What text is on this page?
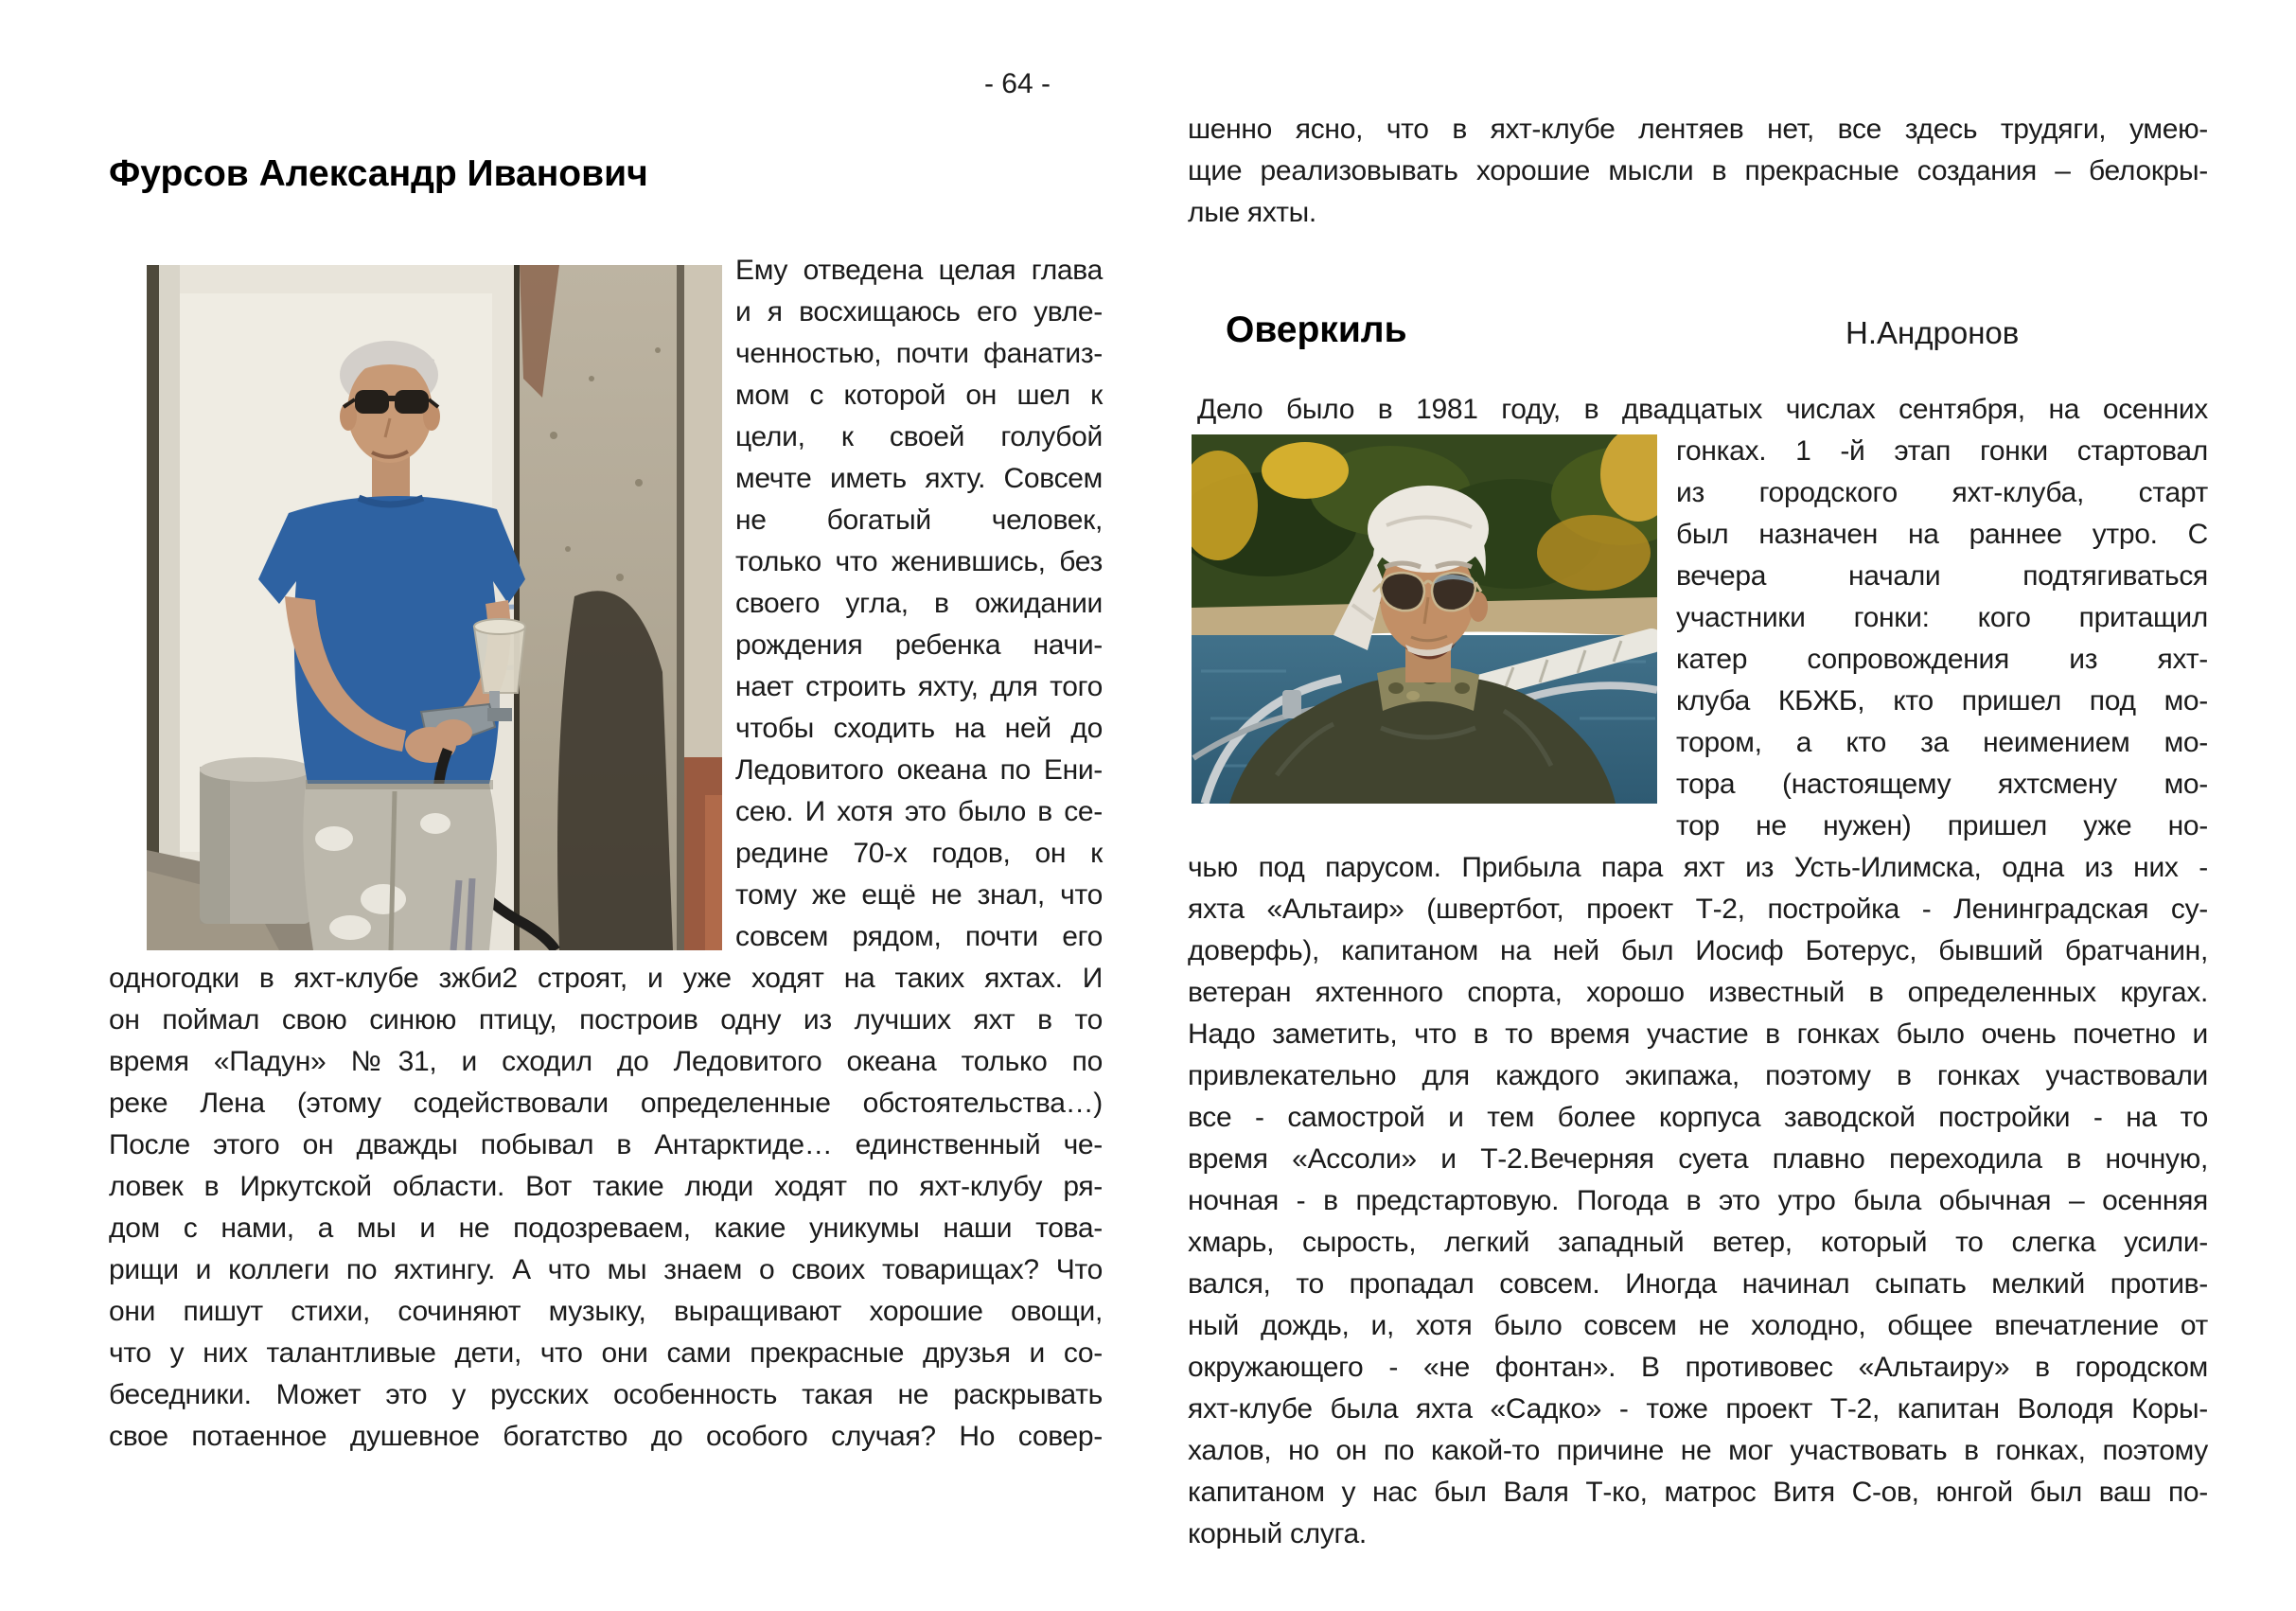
- 64 -
Фурсов Александр Иванович
Ему отведена целая глава
и я восхищаюсь его увле-
ченностью, почти фанатиз-
мом с которой он шел к
цели, к своей голубой
мечте иметь яхту. Совсем
не богатый человек,
только что женившись, без
своего угла, в ожидании
рождения ребенка начи-
нает строить яхту, для того
чтобы сходить на ней до
Ледовитого океана по Ени-
сею. И хотя это было в се-
редине 70-х годов, он к
тому же ещё не знал, что
совсем рядом, почти его
одногодки в яхт-клубе зжби2 строят, и уже ходят на таких яхтах. И
он поймал свою синюю птицу, построив одну из лучших яхт в то
время «Падун» №31, и сходил до Ледовитого океана только по
реке Лена (этому содействовали определенные обстоятельства…)
После этого он дважды побывал в Антарктиде… единственный че-
ловек в Иркутской области. Вот такие люди ходят по яхт-клубу ря-
дом с нами, а мы и не подозреваем, какие уникумы наши това-
рищи и коллеги по яхтингу. А что мы знаем о своих товарищах? Что
они пишут стихи, сочиняют музыку, выращивают хорошие овощи,
что у них талантливые дети, что они сами прекрасные друзья и со-
беседники. Может это у русских особенность такая не раскрывать
свое потаенное душевное богатство до особого случая? Но совер-
шенно ясно, что в яхт-клубе лентяев нет, все здесь трудяги, умею-
щие реализовывать хорошие мысли в прекрасные создания – белокры-
лые яхты.
Оверкиль	Н.Андронов
Дело было в 1981 году, в двадцатых числах сентября, на осенних
гонках. 1 -й этап гонки стартовал
из городского яхт-клуба, старт
был назначен на раннее утро. С
вечера начали подтягиваться
участники гонки: кого притащил
катер сопровождения из яхт-
клуба КБЖБ, кто пришел под мо-
тором, а кто за неимением мо-
тора (настоящему яхтсмену мо-
тор не нужен) пришел уже но-
чью под парусом. Прибыла пара яхт из Усть-Илимска, одна из них -
яхта «Альтаир» (швертбот, проект Т-2, постройка - Ленинградская су-
доверфь), капитаном на ней был Иосиф Ботерус, бывший братчанин,
ветеран яхтенного спорта, хорошо известный в определенных кругах.
Надо заметить, что в то время участие в гонках было очень почетно и
привлекательно для каждого экипажа, поэтому в гонках участвовали
все - самострой и тем более корпуса заводской постройки - на то
время «Ассоли» и Т-2.Вечерняя суета плавно переходила в ночную,
ночная - в предстартовую. Погода в это утро была обычная – осенняя
хмарь, сырость, легкий западный ветер, который то слегка усили-
вался, то пропадал совсем. Иногда начинал сыпать мелкий против-
ный дождь, и, хотя было совсем не холодно, общее впечатление от
окружающего - «не фонтан». В противовес «Альтаиру» в городском
яхт-клубе была яхта «Садко» - тоже проект Т-2, капитан Володя Коры-
халов, но он по какой-то причине не мог участвовать в гонках, поэтому
капитаном у нас был Валя Т-ко, матрос Витя С-ов, юнгой был ваш по-
корный слуга.
